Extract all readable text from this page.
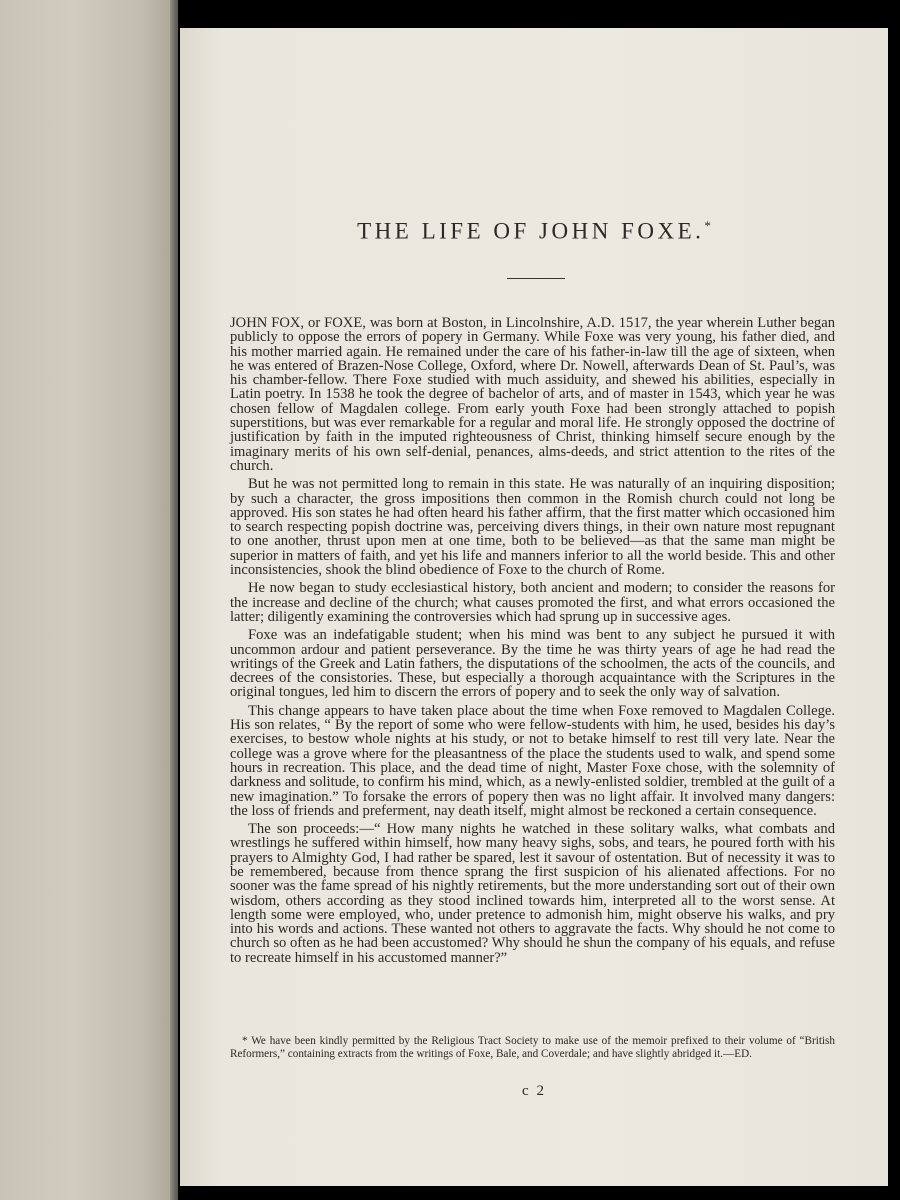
THE LIFE OF JOHN FOXE.*

JOHN FOX, or FOXE, was born at Boston, in Lincolnshire, A.D. 1517, the year wherein Luther began publicly to oppose the errors of popery in Germany. While Foxe was very young, his father died, and his mother married again. He remained under the care of his father-in-law till the age of sixteen, when he was entered of Brazen-Nose College, Oxford, where Dr. Nowell, afterwards Dean of St. Paul’s, was his chamber-fellow. There Foxe studied with much assiduity, and shewed his abilities, especially in Latin poetry. In 1538 he took the degree of bachelor of arts, and of master in 1543, which year he was chosen fellow of Magdalen college. From early youth Foxe had been strongly attached to popish superstitions, but was ever remarkable for a regular and moral life. He strongly opposed the doctrine of justification by faith in the imputed righteousness of Christ, thinking himself secure enough by the imaginary merits of his own self-denial, penances, alms-deeds, and strict attention to the rites of the church.

But he was not permitted long to remain in this state. He was naturally of an inquiring disposition; by such a character, the gross impositions then common in the Romish church could not long be approved. His son states he had often heard his father affirm, that the first matter which occasioned him to search respecting popish doctrine was, perceiving divers things, in their own nature most repugnant to one another, thrust upon men at one time, both to be believed—as that the same man might be superior in matters of faith, and yet his life and manners inferior to all the world beside. This and other inconsistencies, shook the blind obedience of Foxe to the church of Rome.

He now began to study ecclesiastical history, both ancient and modern; to consider the reasons for the increase and decline of the church; what causes promoted the first, and what errors occasioned the latter; diligently examining the controversies which had sprung up in successive ages.

Foxe was an indefatigable student; when his mind was bent to any subject he pursued it with uncommon ardour and patient perseverance. By the time he was thirty years of age he had read the writings of the Greek and Latin fathers, the disputations of the schoolmen, the acts of the councils, and decrees of the consistories. These, but especially a thorough acquaintance with the Scriptures in the original tongues, led him to discern the errors of popery and to seek the only way of salvation.

This change appears to have taken place about the time when Foxe removed to Magdalen College. His son relates, “ By the report of some who were fellow-students with him, he used, besides his day’s exercises, to bestow whole nights at his study, or not to betake himself to rest till very late. Near the college was a grove where for the pleasantness of the place the students used to walk, and spend some hours in recreation. This place, and the dead time of night, Master Foxe chose, with the solemnity of darkness and solitude, to confirm his mind, which, as a newly-enlisted soldier, trembled at the guilt of a new imagination.” To forsake the errors of popery then was no light affair. It involved many dangers: the loss of friends and preferment, nay death itself, might almost be reckoned a certain consequence.

The son proceeds:—“ How many nights he watched in these solitary walks, what combats and wrestlings he suffered within himself, how many heavy sighs, sobs, and tears, he poured forth with his prayers to Almighty God, I had rather be spared, lest it savour of ostentation. But of necessity it was to be remembered, because from thence sprang the first suspicion of his alienated affections. For no sooner was the fame spread of his nightly retirements, but the more understanding sort out of their own wisdom, others according as they stood inclined towards him, interpreted all to the worst sense. At length some were employed, who, under pretence to admonish him, might observe his walks, and pry into his words and actions. These wanted not others to aggravate the facts. Why should he not come to church so often as he had been accustomed? Why should he shun the company of his equals, and refuse to recreate himself in his accustomed manner?”

* We have been kindly permitted by the Religious Tract Society to make use of the memoir prefixed to their volume of “British Reformers,” containing extracts from the writings of Foxe, Bale, and Coverdale; and have slightly abridged it.—ED.

c 2
